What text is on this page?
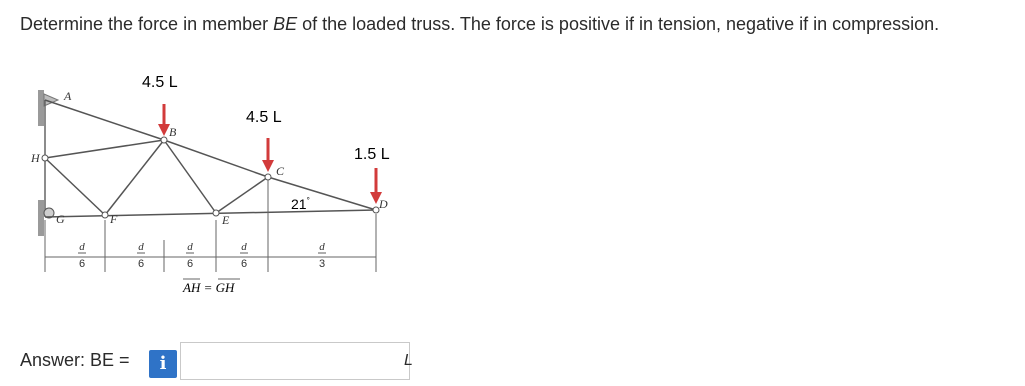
Determine the force in member BE of the loaded truss. The force is positive if in tension, negative if in compression.
4.5 L
4.5 L
1.5 L
A
B
C
D
E
F
G
H
21°
d
6
d
6
d
6
d
6
d
3
AH = GH
Answer: BE =	i	L
